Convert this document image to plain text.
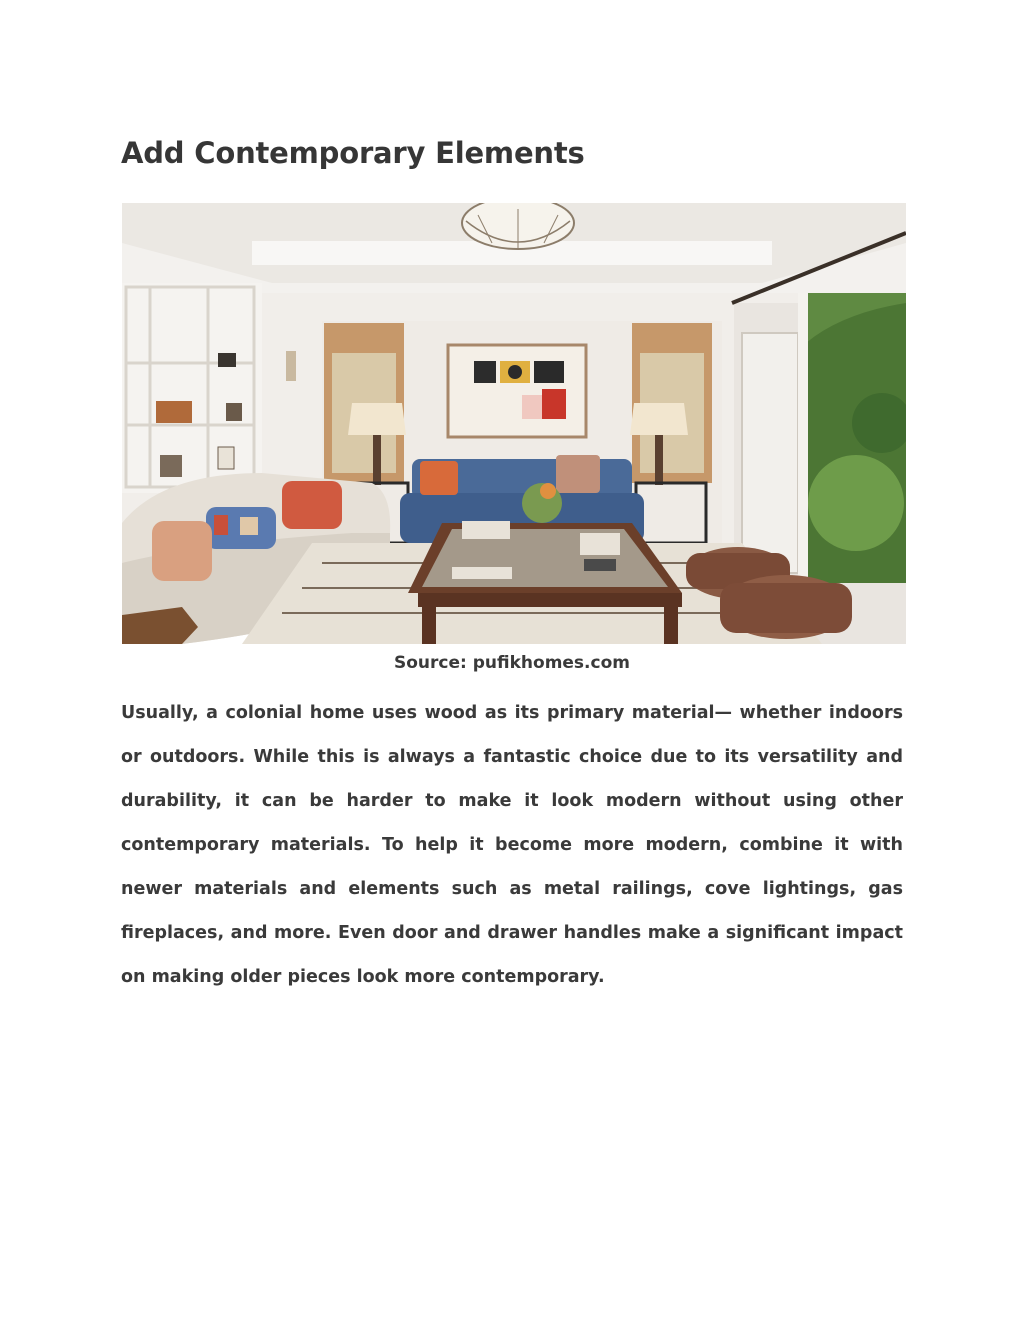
Add Contemporary Elements
Source: pufikhomes.com

Usually, a colonial home uses wood as its primary material— whether indoors or outdoors. While this is always a fantastic choice due to its versatility and durability, it can be harder to make it look modern without using other contemporary materials. To help it become more modern, combine it with newer materials and elements such as metal railings, cove lightings, gas fireplaces, and more. Even door and drawer handles make a significant impact on making older pieces look more contemporary.
